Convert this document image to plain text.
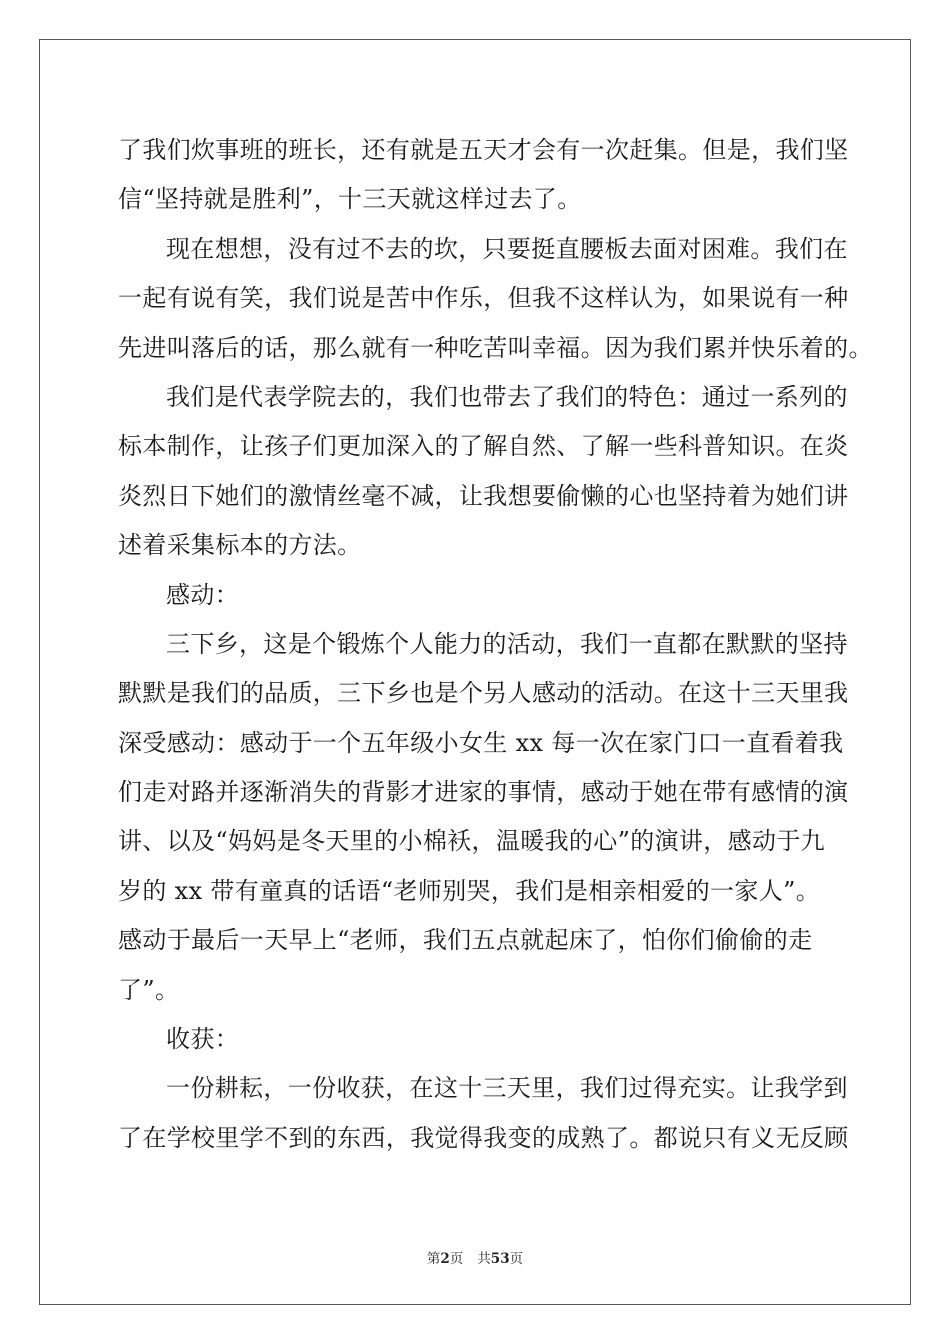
了我们炊事班的班长，还有就是五天才会有一次赶集。但是，我们坚
信“坚持就是胜利”，十三天就这样过去了。
现在想想，没有过不去的坎，只要挺直腰板去面对困难。我们在
一起有说有笑，我们说是苦中作乐，但我不这样认为，如果说有一种
先进叫落后的话，那么就有一种吃苦叫幸福。因为我们累并快乐着的。
我们是代表学院去的，我们也带去了我们的特色：通过一系列的
标本制作，让孩子们更加深入的了解自然、了解一些科普知识。在炎
炎烈日下她们的激情丝毫不减，让我想要偷懒的心也坚持着为她们讲
述着采集标本的方法。
感动：
三下乡，这是个锻炼个人能力的活动，我们一直都在默默的坚持
默默是我们的品质，三下乡也是个另人感动的活动。在这十三天里我
深受感动：感动于一个五年级小女生 xx 每一次在家门口一直看着我
们走对路并逐渐消失的背影才进家的事情，感动于她在带有感情的演
讲、以及“妈妈是冬天里的小棉袄，温暖我的心”的演讲，感动于九
岁的 xx 带有童真的话语“老师别哭，我们是相亲相爱的一家人”。
感动于最后一天早上“老师，我们五点就起床了，怕你们偷偷的走
了”。
收获：
一份耕耘，一份收获，在这十三天里，我们过得充实。让我学到
了在学校里学不到的东西，我觉得我变的成熟了。都说只有义无反顾
第2页 共53页
